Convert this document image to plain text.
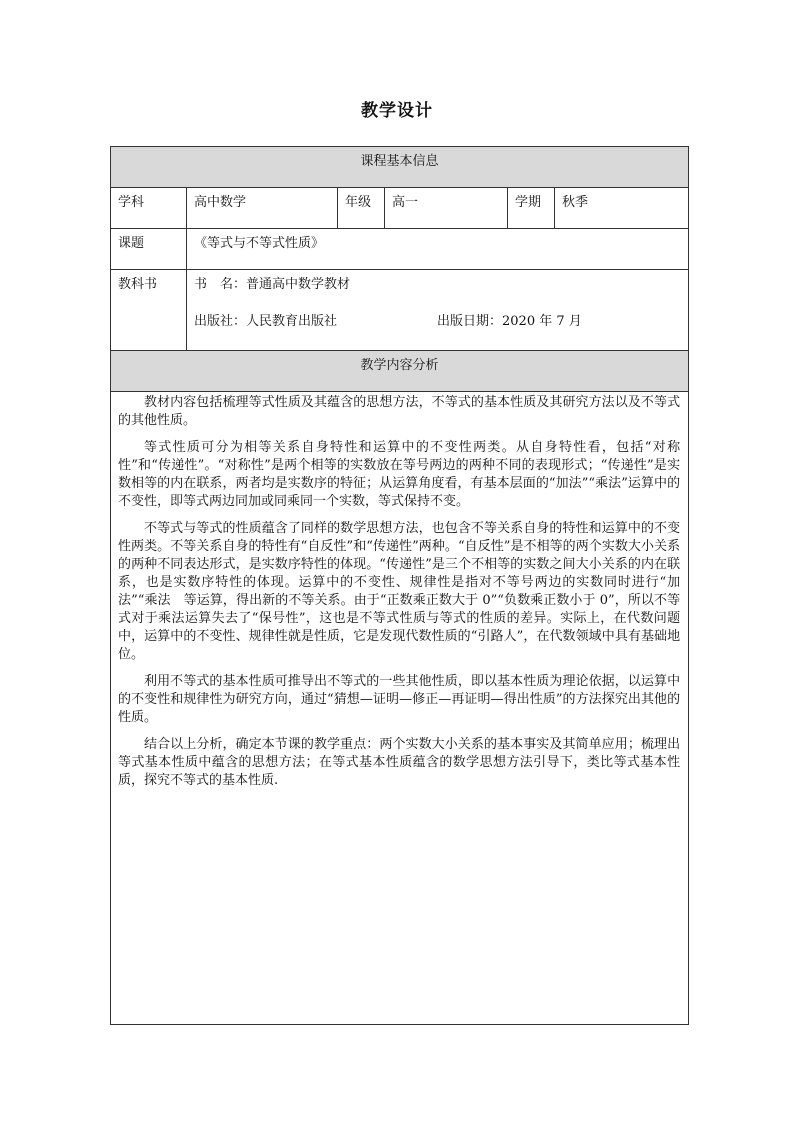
教学设计
课程基本信息					

学科	高中数学	年级	高一	学期	秋季

课题	《等式与不等式性质》				

教科书	书　名：普通高中数学教材
出版社：人民教育出版社 出版日期：2020 年 7 月				

教学内容分析					

教材内容包括梳理等式性质及其蕴含的思想方法，不等式的基本性质及其研究方法以及不等式的其他性质。

等式性质可分为相等关系自身特性和运算中的不变性两类。从自身特性看，包括“对称性”和“传递性”。“对称性”是两个相等的实数放在等号两边的两种不同的表现形式；“传递性”是实数相等的内在联系，两者均是实数序的特征；从运算角度看，有基本层面的“加法”“乘法”运算中的不变性，即等式两边同加或同乘同一个实数，等式保持不变。

不等式与等式的性质蕴含了同样的数学思想方法，也包含不等关系自身的特性和运算中的不变性两类。不等关系自身的特性有“自反性”和“传递性”两种。“自反性”是不相等的两个实数大小关系的两种不同表达形式，是实数序特性的体现。“传递性”是三个不相等的实数之间大小关系的内在联系，也是实数序特性的体现。运算中的不变性、规律性是指对不等号两边的实数同时进行“加法”“乘法　等运算，得出新的不等关系。由于“正数乘正数大于 0”“负数乘正数小于 0”，所以不等式对于乘法运算失去了“保号性”，这也是不等式性质与等式的性质的差异。实际上，在代数问题中，运算中的不变性、规律性就是性质，它是发现代数性质的“引路人”，在代数领域中具有基础地位。

利用不等式的基本性质可推导出不等式的一些其他性质，即以基本性质为理论依据，以运算中的不变性和规律性为研究方向，通过“猜想—证明—修正—再证明—得出性质”的方法探究出其他的性质。

结合以上分析，确定本节课的教学重点：两个实数大小关系的基本事实及其简单应用；梳理出等式基本性质中蕴含的思想方法；在等式基本性质蕴含的数学思想方法引导下，类比等式基本性质，探究不等式的基本性质.					
